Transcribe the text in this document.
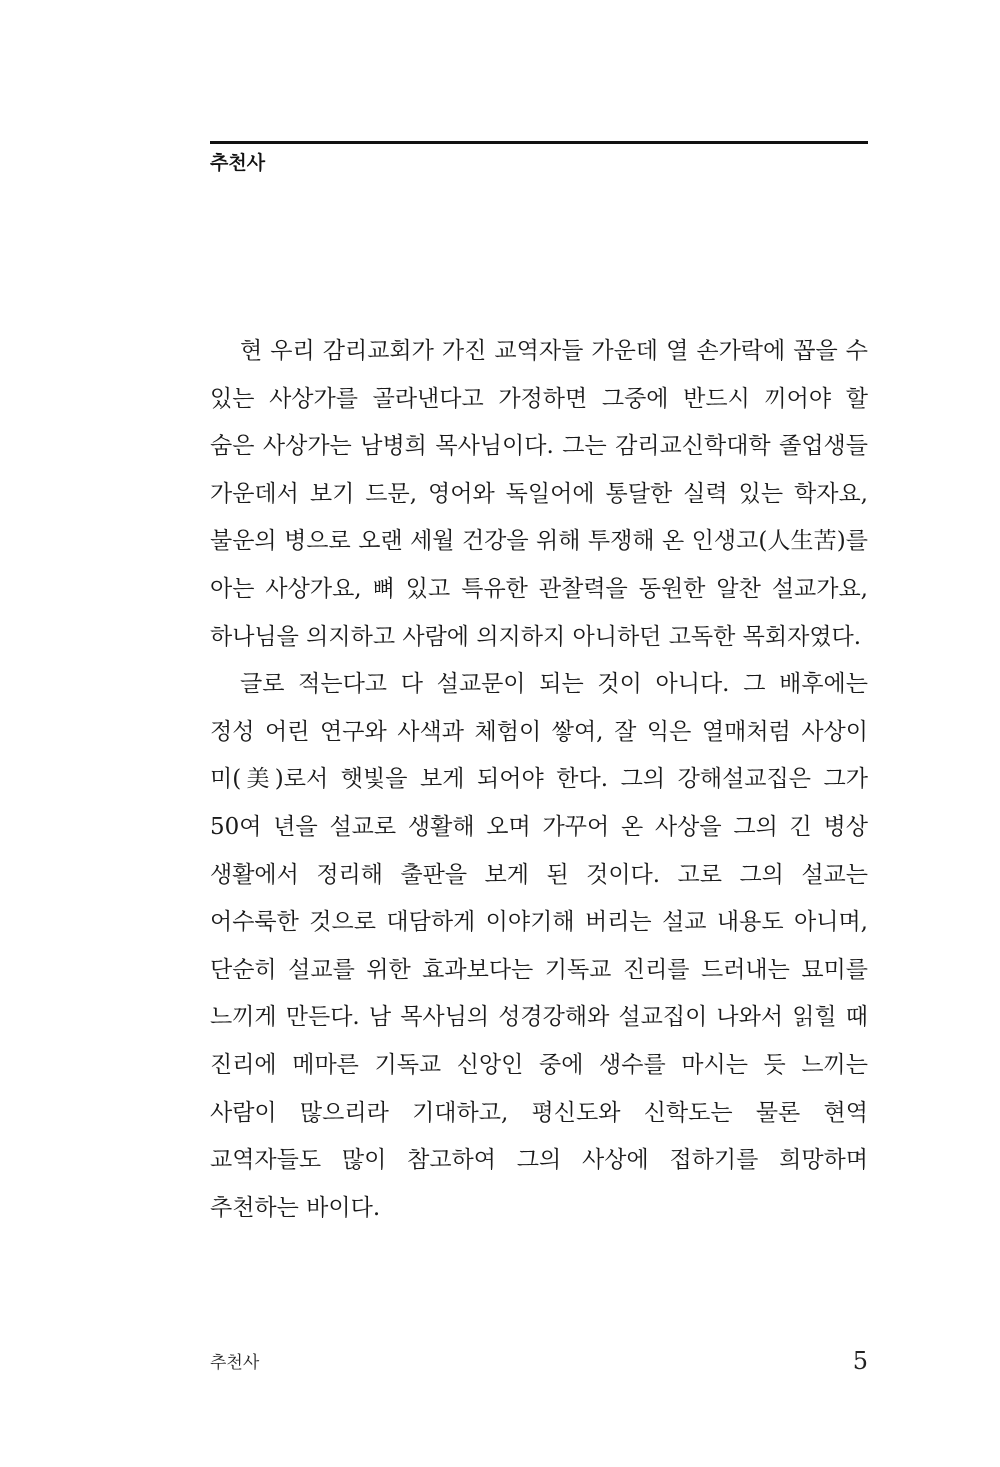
추천사

현 우리 감리교회가 가진 교역자들 가운데 열 손가락에 꼽을 수 있는 사상가를 골라낸다고 가정하면 그중에 반드시 끼어야 할 숨은 사상가는 남병희 목사님이다. 그는 감리교신학대학 졸업생들 가운데서 보기 드문, 영어와 독일어에 통달한 실력 있는 학자요, 불운의 병으로 오랜 세월 건강을 위해 투쟁해 온 인생고(人生苦)를 아는 사상가요, 뼈 있고 특유한 관찰력을 동원한 알찬 설교가요, 하나님을 의지하고 사람에 의지하지 아니하던 고독한 목회자였다.

글로 적는다고 다 설교문이 되는 것이 아니다. 그 배후에는 정성 어린 연구와 사색과 체험이 쌓여, 잘 익은 열매처럼 사상이 미(美)로서 햇빛을 보게 되어야 한다. 그의 강해설교집은 그가 50여 년을 설교로 생활해 오며 가꾸어 온 사상을 그의 긴 병상 생활에서 정리해 출판을 보게 된 것이다. 고로 그의 설교는 어수룩한 것으로 대담하게 이야기해 버리는 설교 내용도 아니며, 단순히 설교를 위한 효과보다는 기독교 진리를 드러내는 묘미를 느끼게 만든다. 남 목사님의 성경강해와 설교집이 나와서 읽힐 때 진리에 메마른 기독교 신앙인 중에 생수를 마시는 듯 느끼는 사람이 많으리라 기대하고, 평신도와 신학도는 물론 현역 교역자들도 많이 참고하여 그의 사상에 접하기를 희망하며 추천하는 바이다.

추천사	5
